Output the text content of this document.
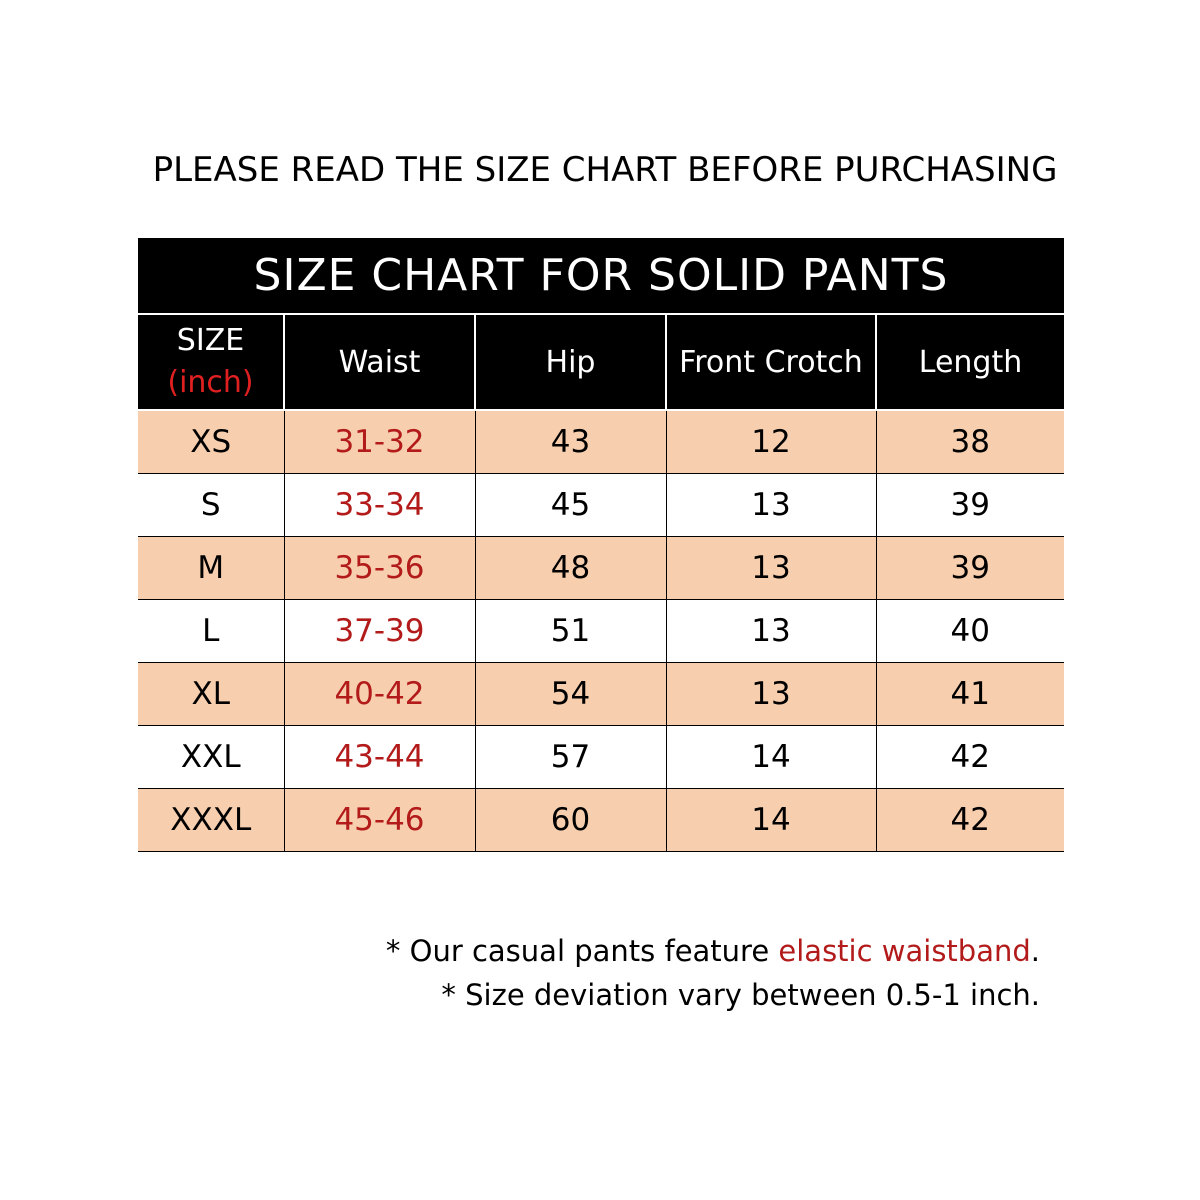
PLEASE READ THE SIZE CHART BEFORE PURCHASING
SIZE CHART FOR SOLID PANTS				
SIZE
(inch)	Waist	Hip	Front Crotch	Length
XS	31-32	43	12	38
S	33-34	45	13	39
M	35-36	48	13	39
L	37-39	51	13	40
XL	40-42	54	13	41
XXL	43-44	57	14	42
XXXL	45-46	60	14	42
* Our casual pants feature elastic waistband.
* Size deviation vary between 0.5-1 inch.
